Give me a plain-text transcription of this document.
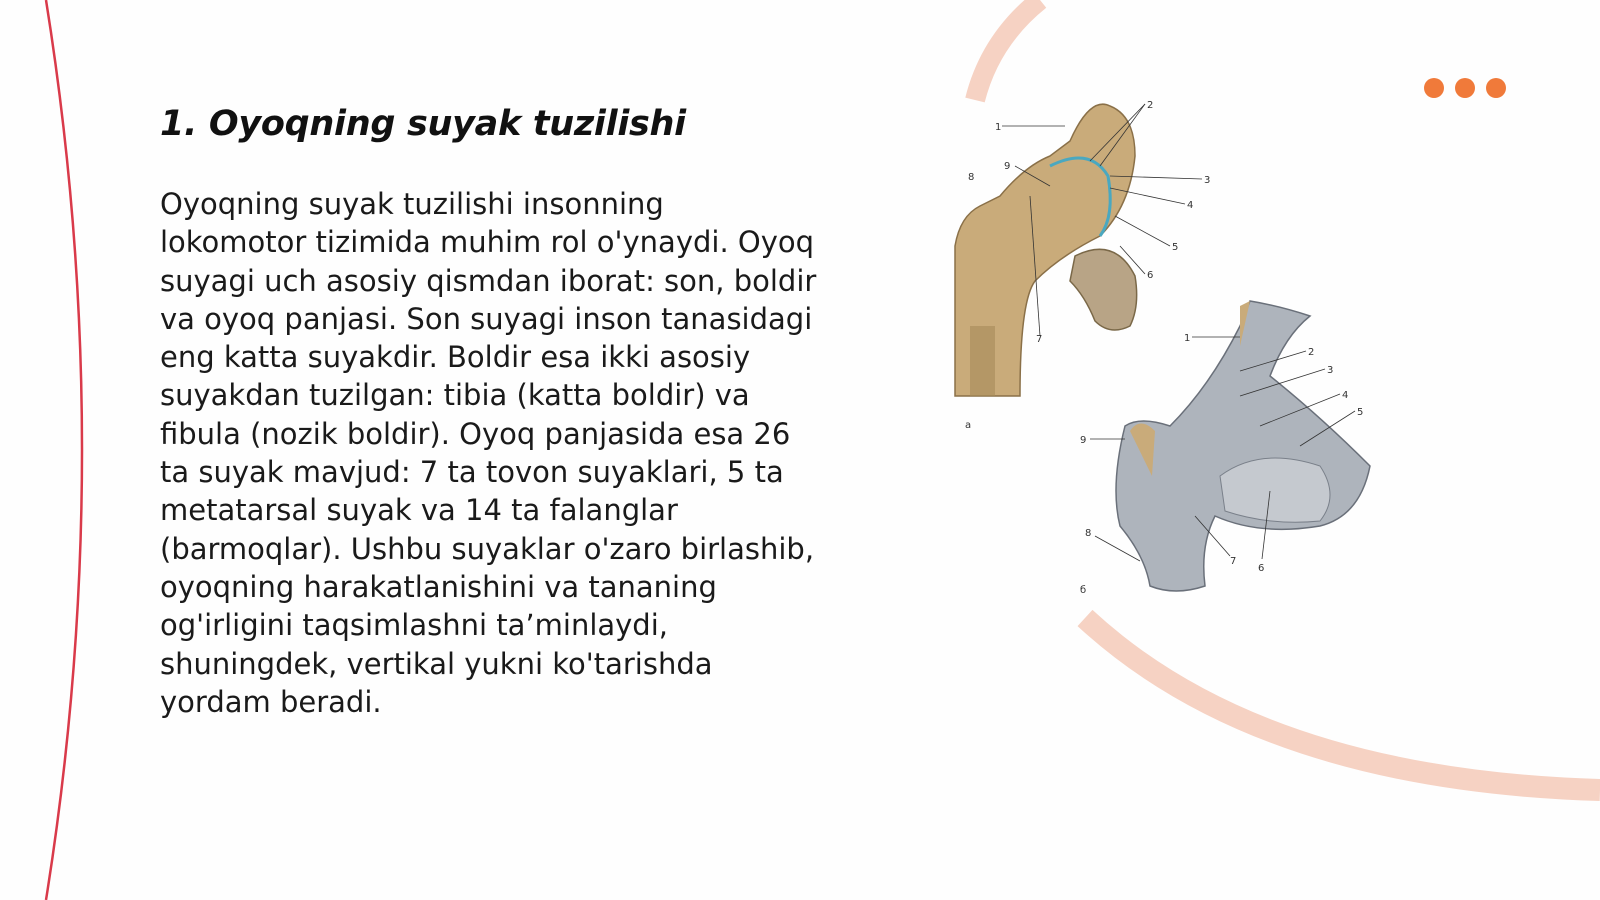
1. Oyoqning suyak tuzilishi
Oyoqning suyak tuzilishi insonning
lokomotor tizimida muhim rol o'ynaydi. Oyoq
suyagi uch asosiy qismdan iborat: son, boldir
va oyoq panjasi. Son suyagi inson tanasidagi
eng katta suyakdir. Boldir esa ikki asosiy
suyakdan tuzilgan: tibia (katta boldir) va
fibula (nozik boldir). Oyoq panjasida esa 26
ta suyak mavjud: 7 ta tovon suyaklari, 5 ta
metatarsal suyak va 14 ta falanglar
(barmoqlar). Ushbu suyaklar o'zaro birlashib,
oyoqning harakatlanishini va tananing
og'irligini taqsimlashni ta’minlaydi,
shuningdek, vertikal yukni ko'tarishda
yordam beradi.
1
2
3
4
5
6
7
8
9
a
1
2
3
4
5
6
7
8
9
б
